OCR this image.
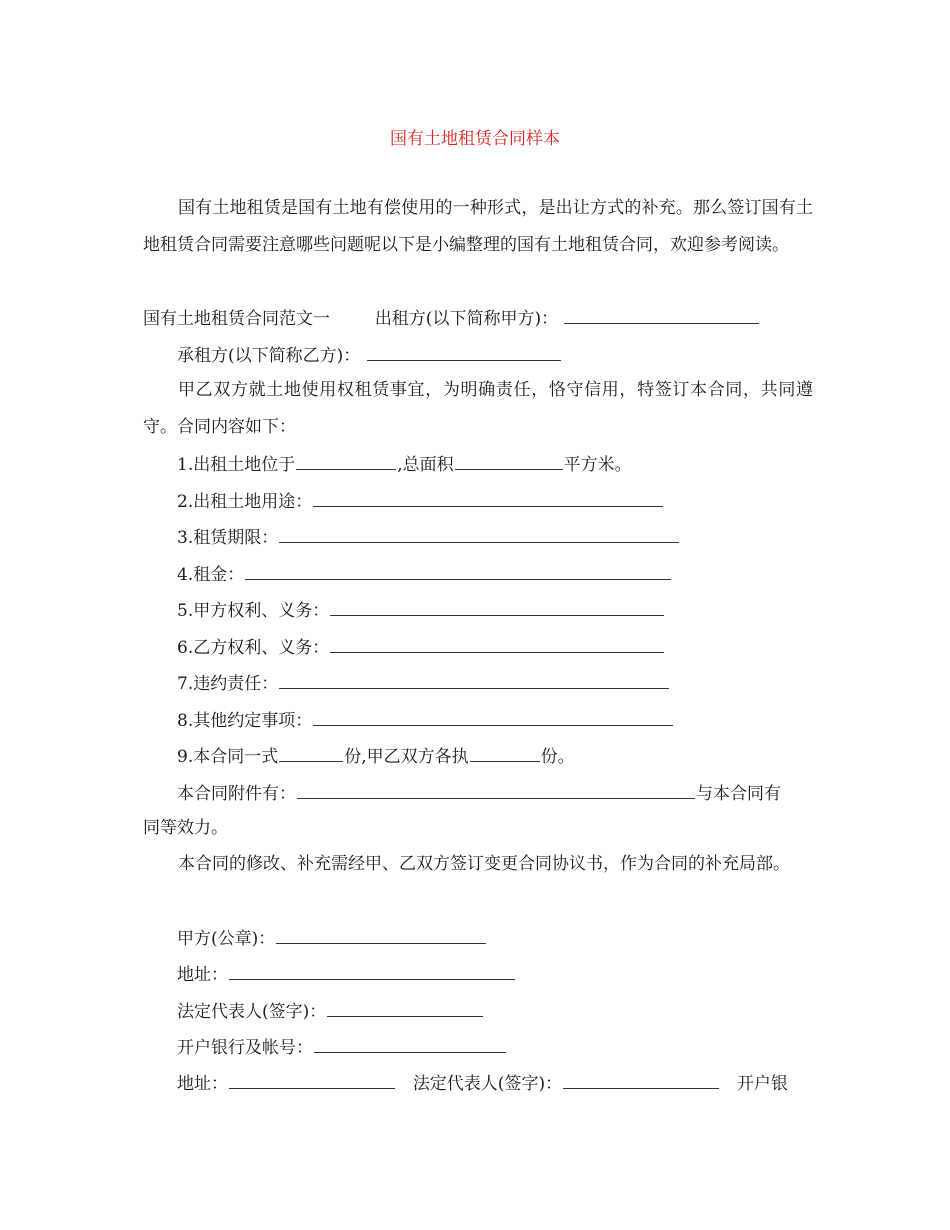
国有土地租赁合同样本
国有土地租赁是国有土地有偿使用的一种形式，是出让方式的补充。那么签订国有土地租赁合同需要注意哪些问题呢以下是小编整理的国有土地租赁合同，欢迎参考阅读。
国有土地租赁合同范文一	出租方(以下简称甲方)：
承租方(以下简称乙方)：
甲乙双方就土地使用权租赁事宜，为明确责任，恪守信用，特签订本合同，共同遵守。合同内容如下：
1.出租土地位于	,总面积	平方米。
2.出租土地用途：
3.租赁期限：
4.租金：
5.甲方权利、义务：
6.乙方权利、义务：
7.违约责任：
8.其他约定事项：
9.本合同一式	份,甲乙双方各执	份。
本合同附件有：	与本合同有
同等效力。
本合同的修改、补充需经甲、乙双方签订变更合同协议书，作为合同的补充局部。
甲方(公章)：
地址：
法定代表人(签字)：
开户银行及帐号：
地址：	法定代表人(签字)：	开户银
